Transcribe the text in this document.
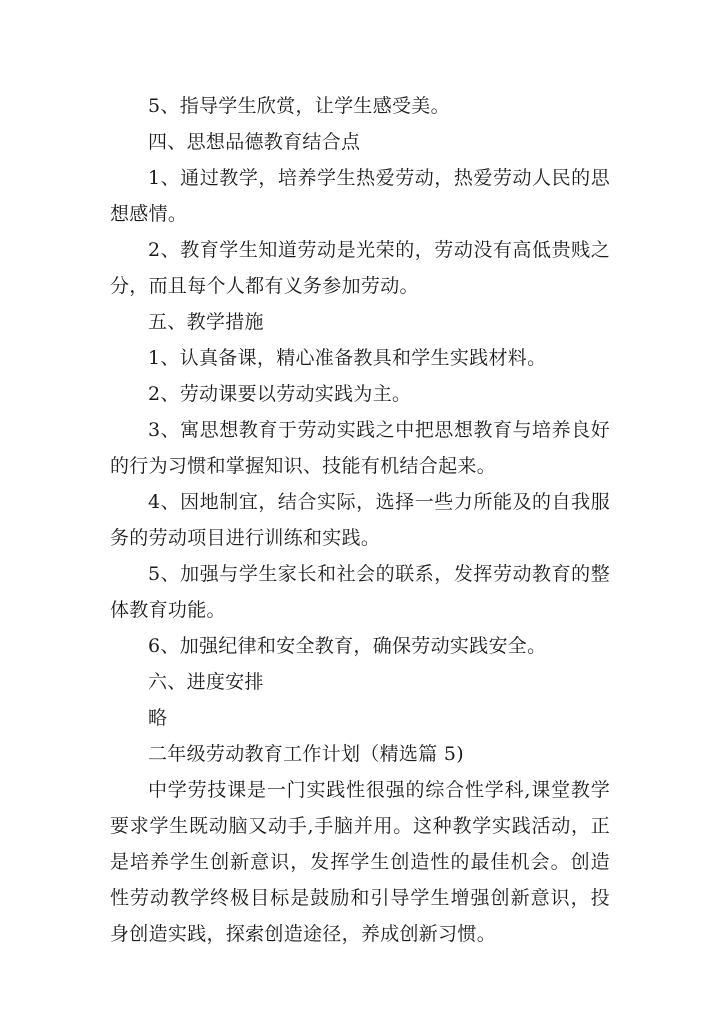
5、指导学生欣赏，让学生感受美。

四、思想品德教育结合点

1、通过教学，培养学生热爱劳动，热爱劳动人民的思想感情。

2、教育学生知道劳动是光荣的，劳动没有高低贵贱之分，而且每个人都有义务参加劳动。

五、教学措施

1、认真备课，精心准备教具和学生实践材料。

2、劳动课要以劳动实践为主。

3、寓思想教育于劳动实践之中把思想教育与培养良好的行为习惯和掌握知识、技能有机结合起来。

4、因地制宜，结合实际，选择一些力所能及的自我服务的劳动项目进行训练和实践。

5、加强与学生家长和社会的联系，发挥劳动教育的整体教育功能。

6、加强纪律和安全教育，确保劳动实践安全。

六、进度安排

略

二年级劳动教育工作计划（精选篇 5)

中学劳技课是一门实践性很强的综合性学科,课堂教学要求学生既动脑又动手,手脑并用。这种教学实践活动，正是培养学生创新意识，发挥学生创造性的最佳机会。创造性劳动教学终极目标是鼓励和引导学生增强创新意识，投身创造实践，探索创造途径，养成创新习惯。
